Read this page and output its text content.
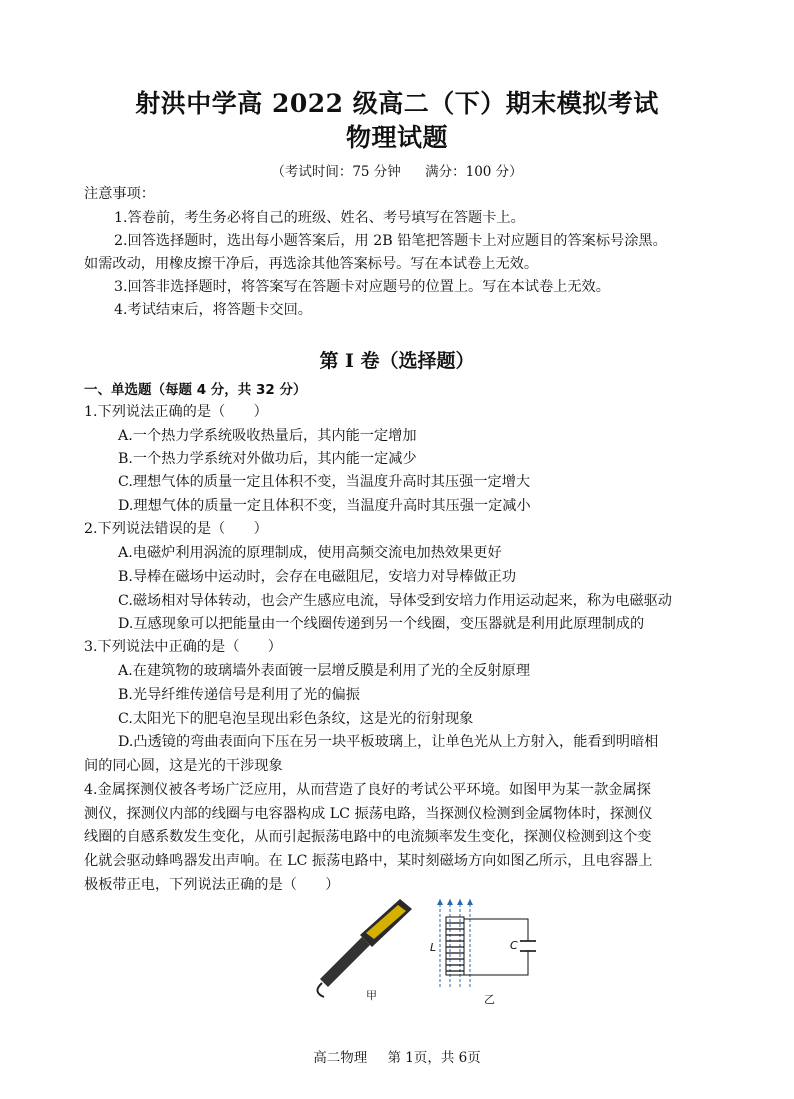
射洪中学高 2022 级高二（下）期末模拟考试
物理试题
（考试时间：75 分钟 满分：100 分）
注意事项：
1.答卷前，考生务必将自己的班级、姓名、考号填写在答题卡上。
2.回答选择题时，选出每小题答案后，用 2B 铅笔把答题卡上对应题目的答案标号涂黑。
如需改动，用橡皮擦干净后，再选涂其他答案标号。写在本试卷上无效。
3.回答非选择题时，将答案写在答题卡对应题号的位置上。写在本试卷上无效。
4.考试结束后，将答题卡交回。
第 I 卷（选择题）
一、单选题（每题 4 分，共 32 分）
1.下列说法正确的是（　　）
A.一个热力学系统吸收热量后，其内能一定增加
B.一个热力学系统对外做功后，其内能一定减少
C.理想气体的质量一定且体积不变，当温度升高时其压强一定增大
D.理想气体的质量一定且体积不变，当温度升高时其压强一定减小
2.下列说法错误的是（　　）
A.电磁炉利用涡流的原理制成，使用高频交流电加热效果更好
B.导棒在磁场中运动时，会存在电磁阻尼，安培力对导棒做正功
C.磁场相对导体转动，也会产生感应电流，导体受到安培力作用运动起来，称为电磁驱动
D.互感现象可以把能量由一个线圈传递到另一个线圈，变压器就是利用此原理制成的
3.下列说法中正确的是（　　）
A.在建筑物的玻璃墙外表面镀一层增反膜是利用了光的全反射原理
B.光导纤维传递信号是利用了光的偏振
C.太阳光下的肥皂泡呈现出彩色条纹，这是光的衍射现象
D.凸透镜的弯曲表面向下压在另一块平板玻璃上，让单色光从上方射入，能看到明暗相
间的同心圆，这是光的干涉现象
4.金属探测仪被各考场广泛应用，从而营造了良好的考试公平环境。如图甲为某一款金属探
测仪，探测仪内部的线圈与电容器构成 LC 振荡电路，当探测仪检测到金属物体时，探测仪
线圈的自感系数发生变化，从而引起振荡电路中的电流频率发生变化，探测仪检测到这个变
化就会驱动蜂鸣器发出声响。在 LC 振荡电路中，某时刻磁场方向如图乙所示，且电容器上
极板带正电，下列说法正确的是（　　）
甲	乙
L	C
高二物理 第 1页，共 6页
